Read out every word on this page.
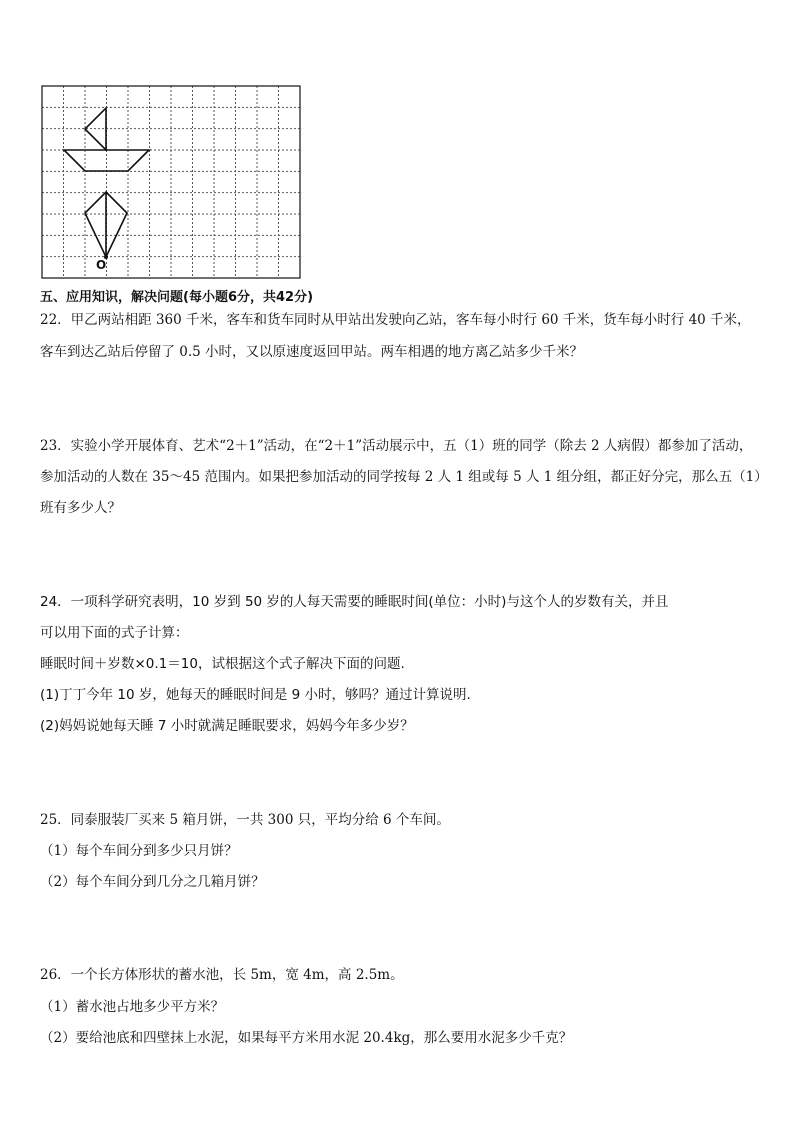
O
五、应用知识，解决问题(每小题6分，共42分)
22．甲乙两站相距 360 千米，客车和货车同时从甲站出发驶向乙站，客车每小时行 60 千米，货车每小时行 40 千米，
客车到达乙站后停留了 0.5 小时，又以原速度返回甲站。两车相遇的地方离乙站多少千米？
23．实验小学开展体育、艺术“2＋1”活动，在“2＋1”活动展示中，五（1）班的同学（除去 2 人病假）都参加了活动，
参加活动的人数在 35～45 范围内。如果把参加活动的同学按每 2 人 1 组或每 5 人 1 组分组，都正好分完，那么五（1）
班有多少人？
24．一项科学研究表明，10 岁到 50 岁的人每天需要的睡眠时间(单位：小时)与这个人的岁数有关，并且
可以用下面的式子计算：
睡眠时间＋岁数×0.1＝10，试根据这个式子解决下面的问题.
(1)丁丁今年 10 岁，她每天的睡眠时间是 9 小时，够吗？通过计算说明.
(2)妈妈说她每天睡 7 小时就满足睡眠要求，妈妈今年多少岁？
25．同泰服装厂买来 5 箱月饼，一共 300 只，平均分给 6 个车间。
（1）每个车间分到多少只月饼？
（2）每个车间分到几分之几箱月饼？
26．一个长方体形状的蓄水池，长 5m，宽 4m，高 2.5m。
（1）蓄水池占地多少平方米？
（2）要给池底和四壁抹上水泥，如果每平方米用水泥 20.4kg，那么要用水泥多少千克？
